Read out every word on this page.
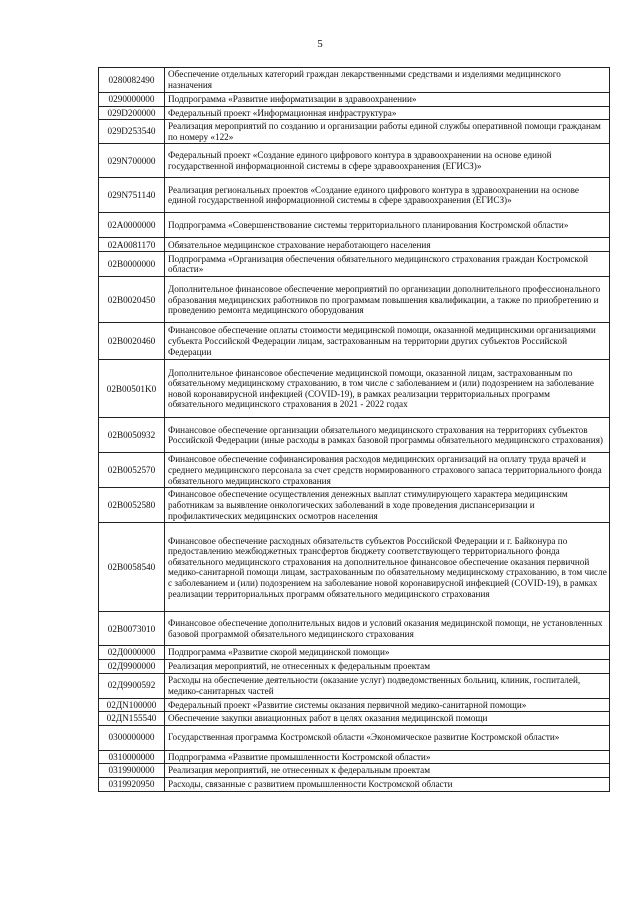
5
0280082490	Обеспечение отдельных категорий граждан лекарственными средствами и изделиями медицинского назначения
0290000000	Подпрограмма «Развитие информатизации в здравоохранении»
029D200000	Федеральный проект «Информационная инфраструктура»
029D253540	Реализация мероприятий по созданию и организации работы единой службы оперативной помощи гражданам по номеру «122»
029N700000	Федеральный проект «Создание единого цифрового контура в здравоохранении на основе единой государственной информационной системы в сфере здравоохранения (ЕГИСЗ)»
029N751140	Реализация региональных проектов «Создание единого цифрового контура в здравоохранении на основе единой государственной информационной системы в сфере здравоохранения (ЕГИСЗ)»
02A0000000	Подпрограмма «Совершенствование системы территориального планирования Костромской области»
02A0081170	Обязательное медицинское страхование неработающего населения
02B0000000	Подпрограмма «Организация обеспечения обязательного медицинского страхования граждан Костромской области»
02B0020450	Дополнительное финансовое обеспечение мероприятий по организации дополнительного профессионального образования медицинских работников по программам повышения квалификации, а также по приобретению и проведению ремонта медицинского оборудования
02B0020460	Финансовое обеспечение оплаты стоимости медицинской помощи, оказанной медицинскими организациями субъекта Российской Федерации лицам, застрахованным на территории других субъектов Российской Федерации
02B00501K0	Дополнительное финансовое обеспечение медицинской помощи, оказанной лицам, застрахованным по обязательному медицинскому страхованию, в том числе с заболеванием и (или) подозрением на заболевание новой коронавирусной инфекцией (COVID-19), в рамках реализации территориальных программ обязательного медицинского страхования в 2021 - 2022 годах
02B0050932	Финансовое обеспечение организации обязательного медицинского страхования на территориях субъектов Российской Федерации (иные расходы в рамках базовой программы обязательного медицинского страхования)
02B0052570	Финансовое обеспечение софинансирования расходов медицинских организаций на оплату труда врачей и среднего медицинского персонала за счет средств нормированного страхового запаса территориального фонда обязательного медицинского страхования
02B0052580	Финансовое обеспечение осуществления денежных выплат стимулирующего характера медицинским работникам за выявление онкологических заболеваний в ходе проведения диспансеризации и профилактических медицинских осмотров населения
02B0058540	Финансовое обеспечение расходных обязательств субъектов Российской Федерации и г. Байконура по предоставлению межбюджетных трансфертов бюджету соответствующего территориального фонда обязательного медицинского страхования на дополнительное финансовое обеспечение оказания первичной медико-санитарной помощи лицам, застрахованным по обязательному медицинскому страхованию, в том числе с заболеванием и (или) подозрением на заболевание новой коронавирусной инфекцией (COVID-19), в рамках реализации территориальных программ обязательного медицинского страхования
02B0073010	Финансовое обеспечение дополнительных видов и условий оказания медицинской помощи, не установленных базовой программой обязательного медицинского страхования
02Д0000000	Подпрограмма «Развитие скорой медицинской помощи»
02Д9900000	Реализация мероприятий, не отнесенных к федеральным проектам
02Д9900592	Расходы на обеспечение деятельности (оказание услуг) подведомственных больниц, клиник, госпиталей, медико-санитарных частей
02ДN100000	Федеральный проект «Развитие системы оказания первичной медико-санитарной помощи»
02ДN155540	Обеспечение закупки авиационных работ в целях оказания медицинской помощи
0300000000	Государственная программа Костромской области «Экономическое развитие Костромской области»
0310000000	Подпрограмма «Развитие промышленности Костромской области»
0319900000	Реализация мероприятий, не отнесенных к федеральным проектам
0319920950	Расходы, связанные с развитием промышленности Костромской области
